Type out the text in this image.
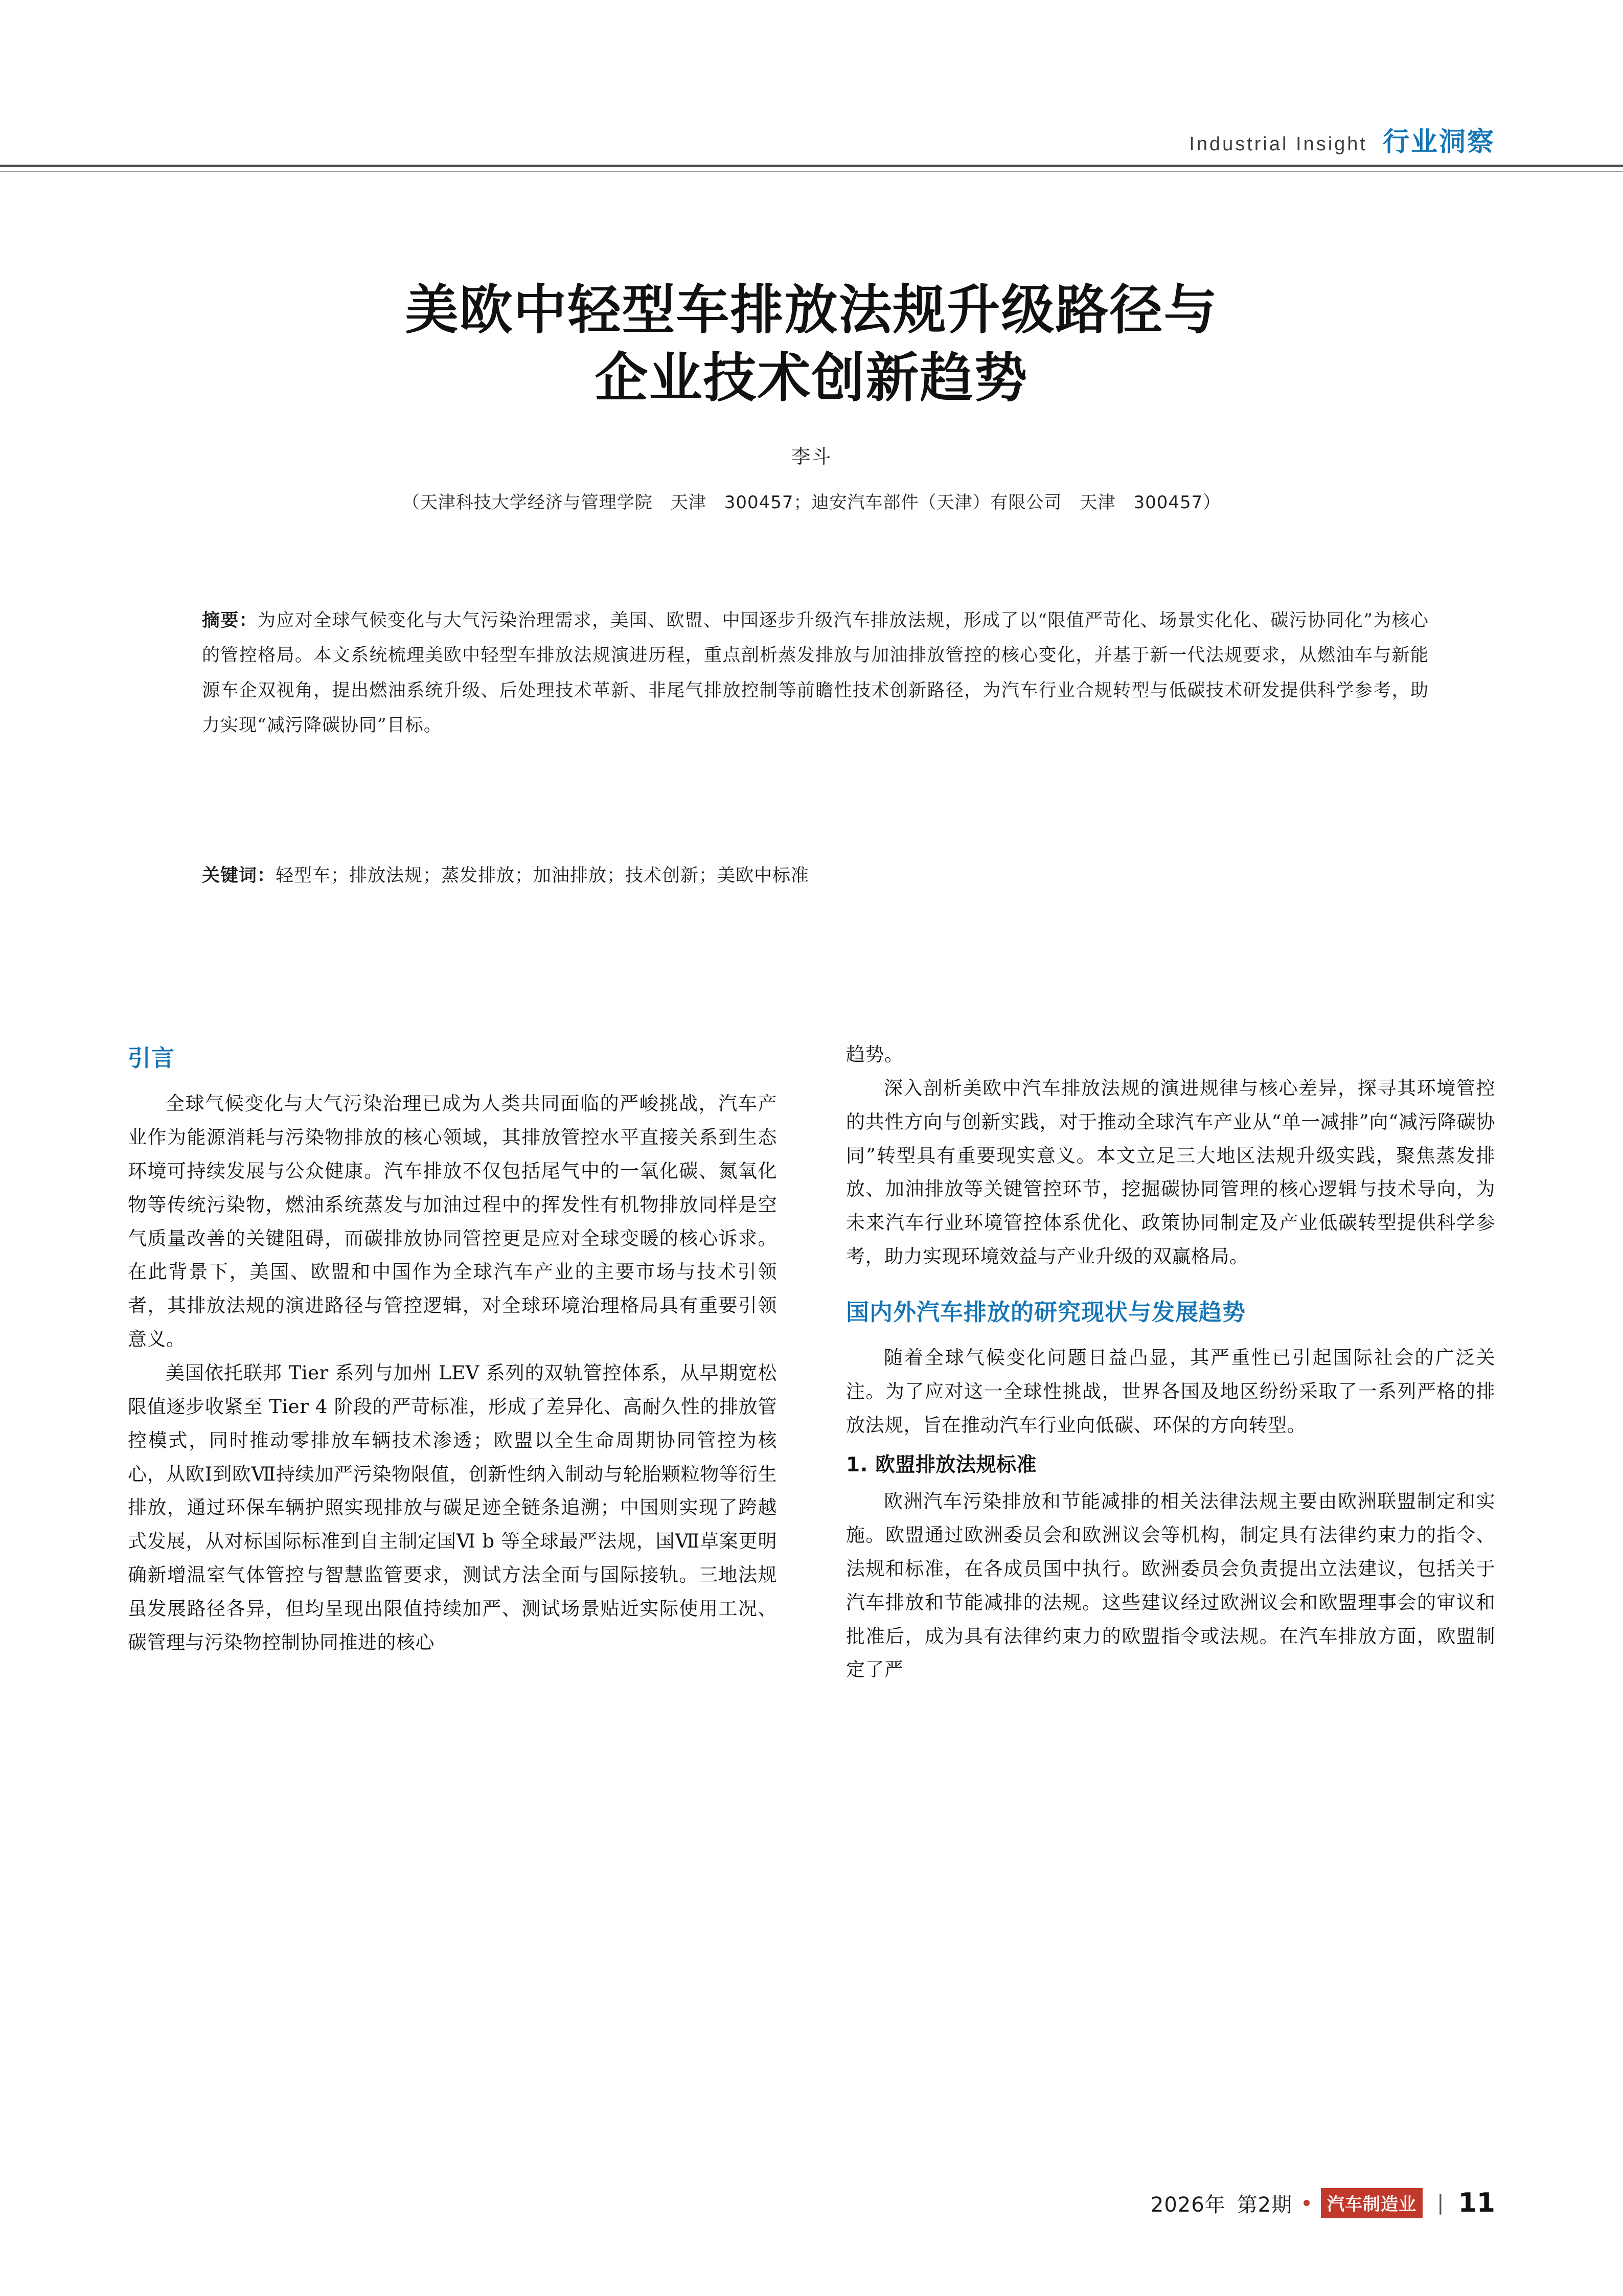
Industrial Insight 行业洞察
美欧中轻型车排放法规升级路径与
企业技术创新趋势
李斗
（天津科技大学经济与管理学院　天津　300457；迪安汽车部件（天津）有限公司　天津　300457）
摘要：为应对全球气候变化与大气污染治理需求，美国、欧盟、中国逐步升级汽车排放法规，形成了以“限值严苛化、场景实化化、碳污协同化”为核心的管控格局。本文系统梳理美欧中轻型车排放法规演进历程，重点剖析蒸发排放与加油排放管控的核心变化，并基于新一代法规要求，从燃油车与新能源车企双视角，提出燃油系统升级、后处理技术革新、非尾气排放控制等前瞻性技术创新路径，为汽车行业合规转型与低碳技术研发提供科学参考，助力实现“减污降碳协同”目标。
关键词：轻型车；排放法规；蒸发排放；加油排放；技术创新；美欧中标准
引言

全球气候变化与大气污染治理已成为人类共同面临的严峻挑战，汽车产业作为能源消耗与污染物排放的核心领域，其排放管控水平直接关系到生态环境可持续发展与公众健康。汽车排放不仅包括尾气中的一氧化碳、氮氧化物等传统污染物，燃油系统蒸发与加油过程中的挥发性有机物排放同样是空气质量改善的关键阻碍，而碳排放协同管控更是应对全球变暖的核心诉求。在此背景下，美国、欧盟和中国作为全球汽车产业的主要市场与技术引领者，其排放法规的演进路径与管控逻辑，对全球环境治理格局具有重要引领意义。

美国依托联邦 Tier 系列与加州 LEV 系列的双轨管控体系，从早期宽松限值逐步收紧至 Tier 4 阶段的严苛标准，形成了差异化、高耐久性的排放管控模式，同时推动零排放车辆技术渗透；欧盟以全生命周期协同管控为核心，从欧Ⅰ到欧Ⅶ持续加严污染物限值，创新性纳入制动与轮胎颗粒物等衍生排放，通过环保车辆护照实现排放与碳足迹全链条追溯；中国则实现了跨越式发展，从对标国际标准到自主制定国Ⅵ b 等全球最严法规，国Ⅶ草案更明确新增温室气体管控与智慧监管要求，测试方法全面与国际接轨。三地法规虽发展路径各异，但均呈现出限值持续加严、测试场景贴近实际使用工况、碳管理与污染物控制协同推进的核心

趋势。

深入剖析美欧中汽车排放法规的演进规律与核心差异，探寻其环境管控的共性方向与创新实践，对于推动全球汽车产业从“单一减排”向“减污降碳协同”转型具有重要现实意义。本文立足三大地区法规升级实践，聚焦蒸发排放、加油排放等关键管控环节，挖掘碳协同管理的核心逻辑与技术导向，为未来汽车行业环境管控体系优化、政策协同制定及产业低碳转型提供科学参考，助力实现环境效益与产业升级的双赢格局。

国内外汽车排放的研究现状与发展趋势

随着全球气候变化问题日益凸显，其严重性已引起国际社会的广泛关注。为了应对这一全球性挑战，世界各国及地区纷纷采取了一系列严格的排放法规，旨在推动汽车行业向低碳、环保的方向转型。

1. 欧盟排放法规标准

欧洲汽车污染排放和节能减排的相关法律法规主要由欧洲联盟制定和实施。欧盟通过欧洲委员会和欧洲议会等机构，制定具有法律约束力的指令、法规和标准，在各成员国中执行。欧洲委员会负责提出立法建议，包括关于汽车排放和节能减排的法规。这些建议经过欧洲议会和欧盟理事会的审议和批准后，成为具有法律约束力的欧盟指令或法规。在汽车排放方面，欧盟制定了严

2026年 第2期	汽车制造业	| 11
